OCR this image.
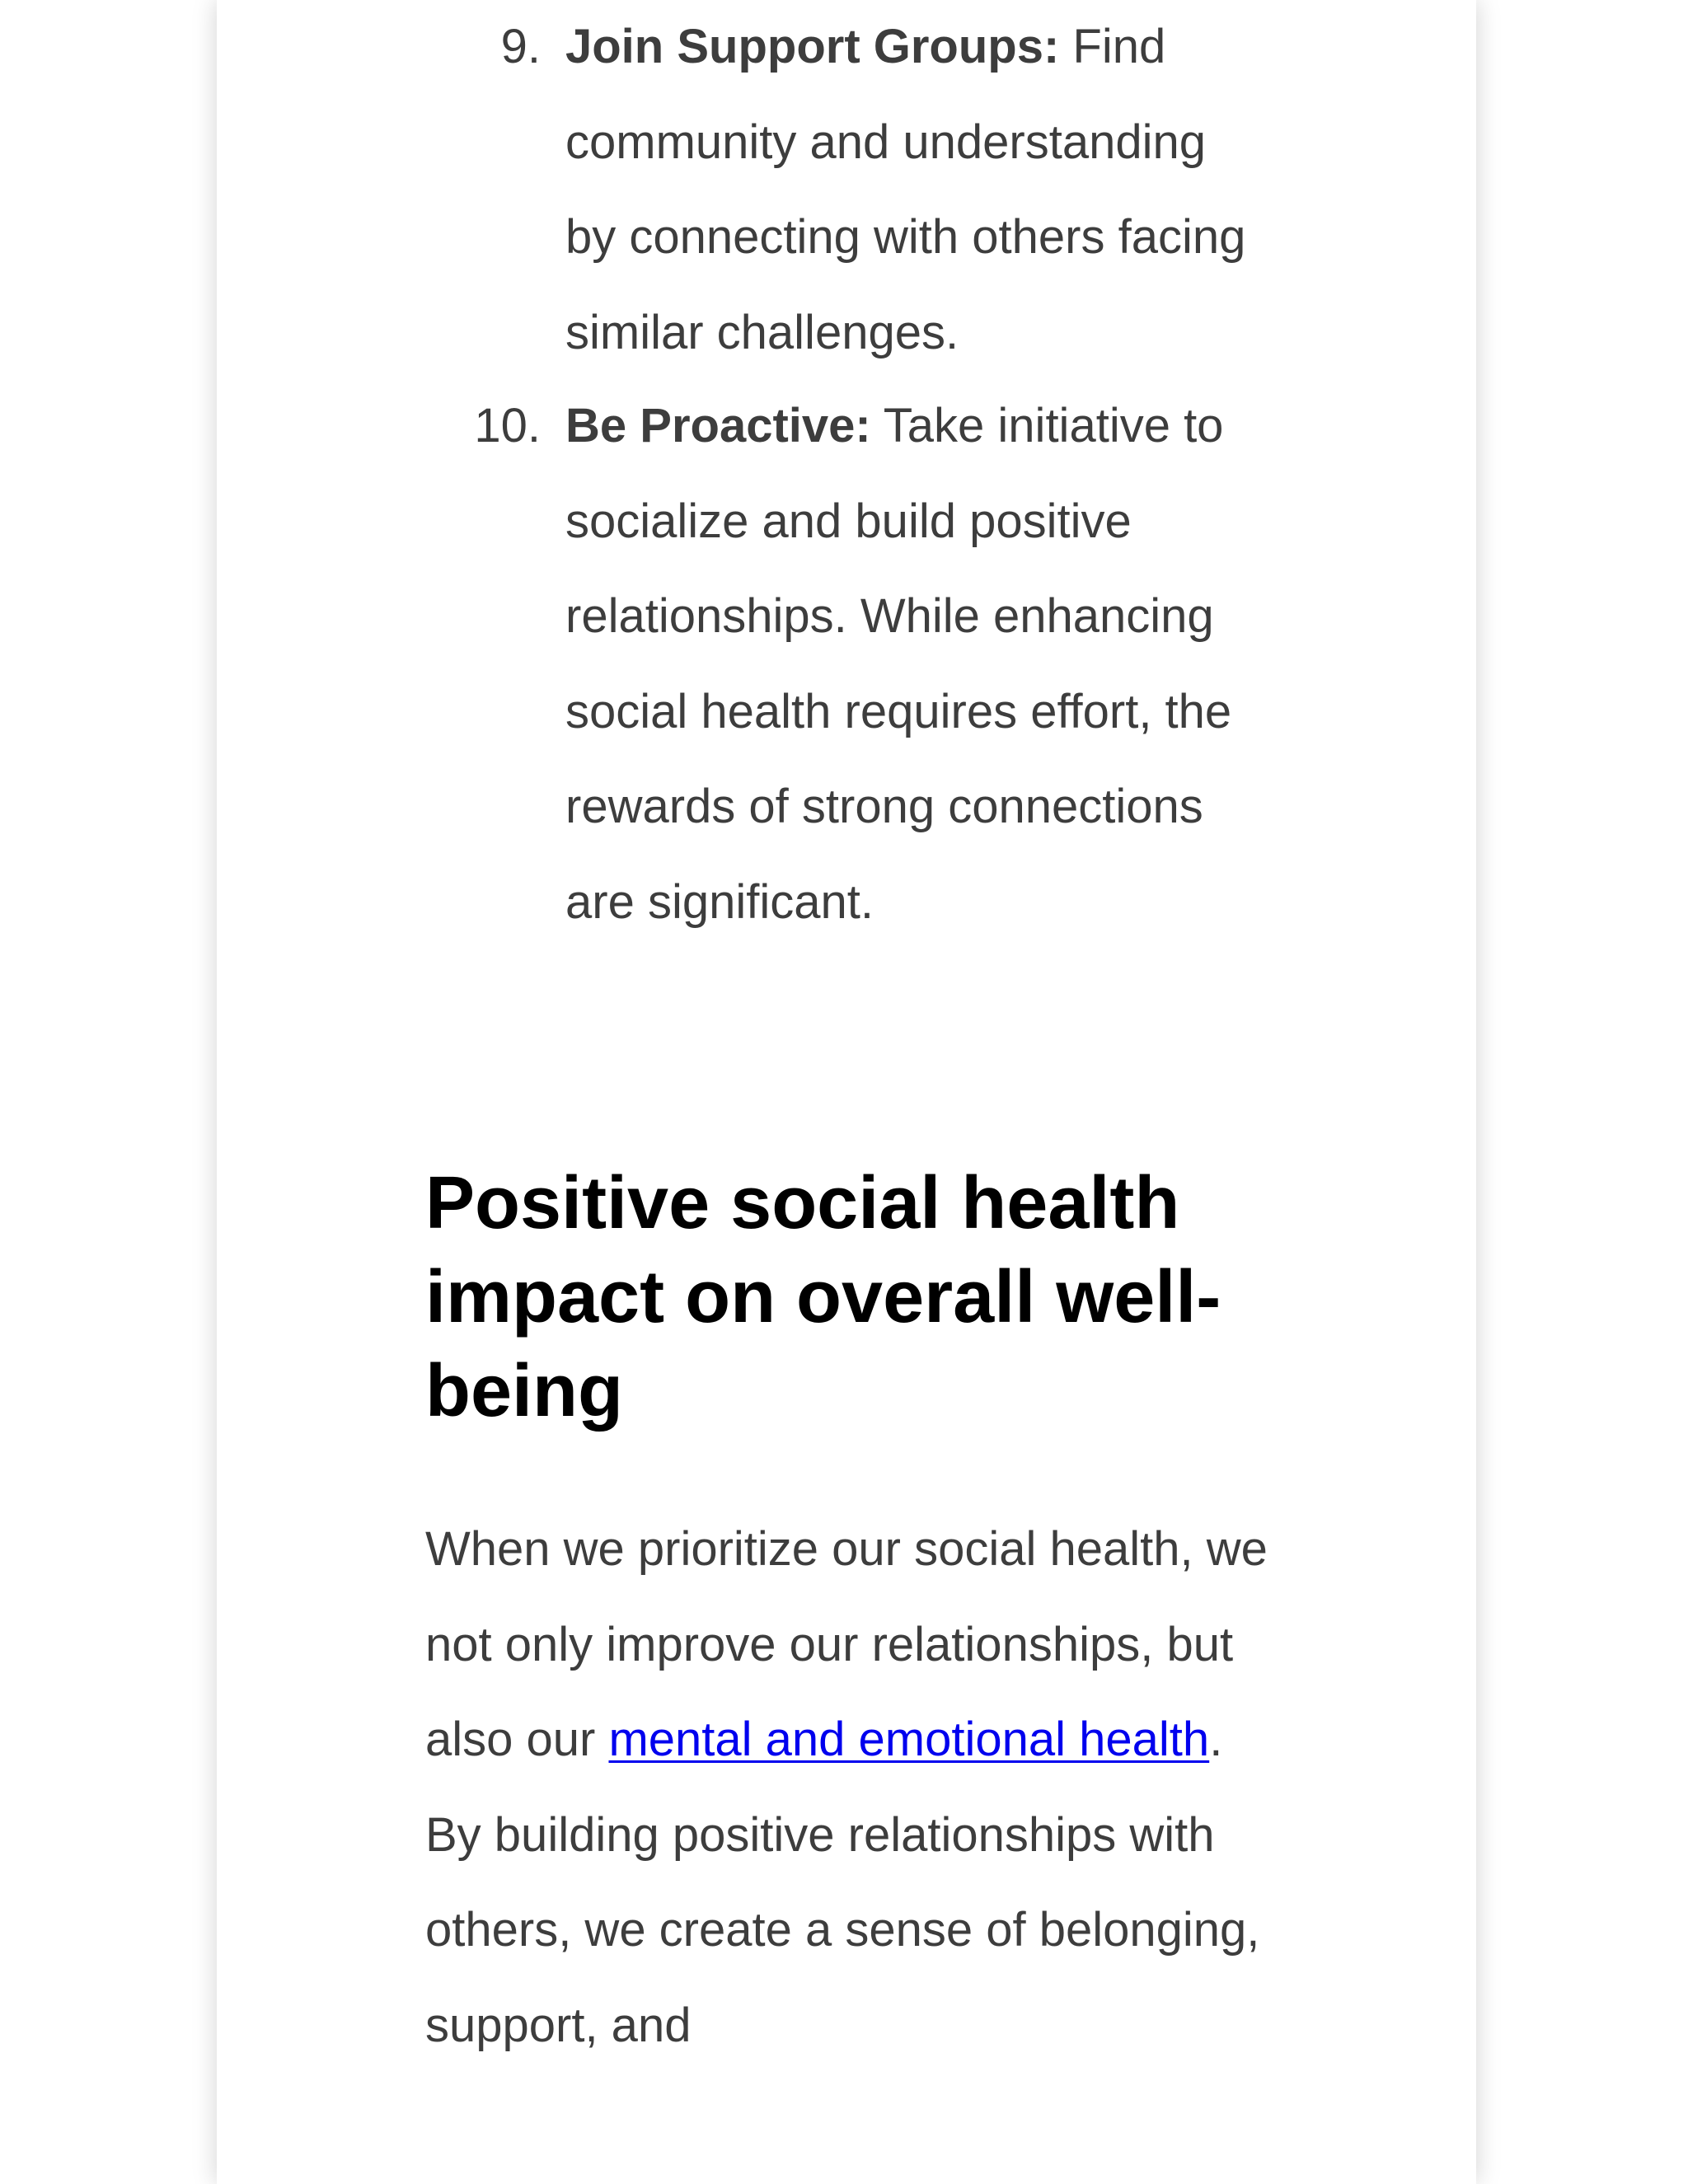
9. Join Support Groups: Find community and understanding by connecting with others facing similar challenges.
10. Be Proactive: Take initiative to socialize and build positive relationships. While enhancing social health requires effort, the rewards of strong connections are significant.
Positive social health impact on overall well-being

When we prioritize our social health, we not only improve our relationships, but also our mental and emotional health. By building positive relationships with others, we create a sense of belonging, support, and
